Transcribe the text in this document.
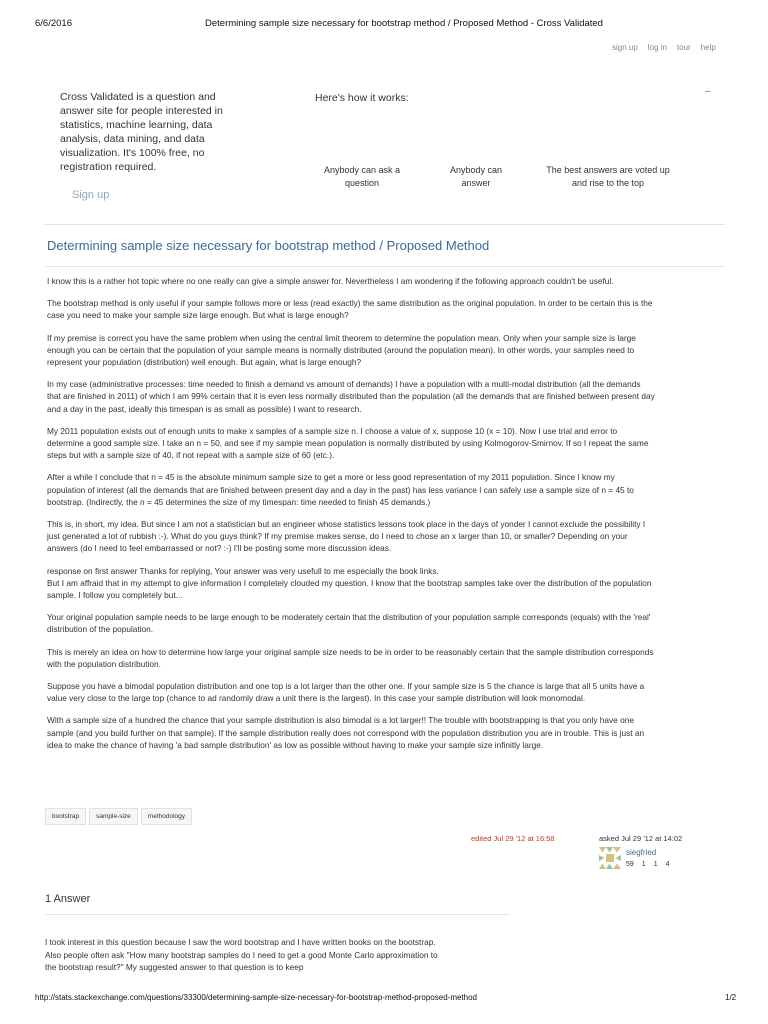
6/6/2016	Determining sample size necessary for bootstrap method / Proposed Method - Cross Validated
sign up log in tour help
Cross Validated is a question and answer site for people interested in statistics, machine learning, data analysis, data mining, and data visualization. It's 100% free, no registration required.
Sign up
Here's how it works:
–
Anybody can ask a question
Anybody can answer
The best answers are voted up and rise to the top
Determining sample size necessary for bootstrap method / Proposed Method

I know this is a rather hot topic where no one really can give a simple answer for. Nevertheless I am wondering if the following approach couldn't be useful.

The bootstrap method is only useful if your sample follows more or less (read exactly) the same distribution as the original population. In order to be certain this is the case you need to make your sample size large enough. But what is large enough?

If my premise is correct you have the same problem when using the central limit theorem to determine the population mean. Only when your sample size is large enough you can be certain that the population of your sample means is normally distributed (around the population mean). In other words, your samples need to represent your population (distribution) well enough. But again, what is large enough?

In my case (administrative processes: time needed to finish a demand vs amount of demands) I have a population with a multi-modal distribution (all the demands that are finished in 2011) of which I am 99% certain that it is even less normally distributed than the population (all the demands that are finished between present day and a day in the past, ideally this timespan is as small as possible) I want to research.

My 2011 population exists out of enough units to make x samples of a sample size n. I choose a value of x, suppose 10 (x = 10). Now I use trial and error to determine a good sample size. I take an n = 50, and see if my sample mean population is normally distributed by using Kolmogorov-Smirnov. If so I repeat the same steps but with a sample size of 40, if not repeat with a sample size of 60 (etc.).

After a while I conclude that n = 45 is the absolute minimum sample size to get a more or less good representation of my 2011 population. Since I know my population of interest (all the demands that are finished between present day and a day in the past) has less variance I can safely use a sample size of n = 45 to bootstrap. (Indirectly, the n = 45 determines the size of my timespan: time needed to finish 45 demands.)

This is, in short, my idea. But since I am not a statistician but an engineer whose statistics lessons took place in the days of yonder I cannot exclude the possibility I just generated a lot of rubbish :-). What do you guys think? If my premise makes sense, do I need to chose an x larger than 10, or smaller? Depending on your answers (do I need to feel embarrassed or not? :-) I'll be posting some more discussion ideas.

response on first answer Thanks for replying, Your answer was very usefull to me especially the book links.
But I am affraid that in my attempt to give information I completely clouded my question. I know that the bootstrap samples take over the distribution of the population sample. I follow you completely but...

Your original population sample needs to be large enough to be moderately certain that the distribution of your population sample corresponds (equals) with the 'real' distribution of the population.

This is merely an idea on how to determine how large your original sample size needs to be in order to be reasonably certain that the sample distribution corresponds with the population distribution.

Suppose you have a bimodal population distribution and one top is a lot larger than the other one. If your sample size is 5 the chance is large that all 5 units have a value very close to the large top (chance to ad randomly draw a unit there is the largest). In this case your sample distribution will look monomodal.

With a sample size of a hundred the chance that your sample distribution is also bimodal is a lot larger!! The trouble with bootstrapping is that you only have one sample (and you build further on that sample). If the sample distribution really does not correspond with the population distribution you are in trouble. This is just an idea to make the chance of having 'a bad sample distribution' as low as possible without having to make your sample size infinitly large.

bootstrap	sample-size	methodology
edited Jul 29 '12 at 16:58	asked Jul 29 '12 at 14:02
siegfried
59 1 1 4
1 Answer
I took interest in this question because I saw the word bootstrap and I have written books on the bootstrap. Also people often ask "How many bootstrap samples do I need to get a good Monte Carlo approximation to the bootstrap result?" My suggested answer to that question is to keep
http://stats.stackexchange.com/questions/33300/determining-sample-size-necessary-for-bootstrap-method-proposed-method	1/2
